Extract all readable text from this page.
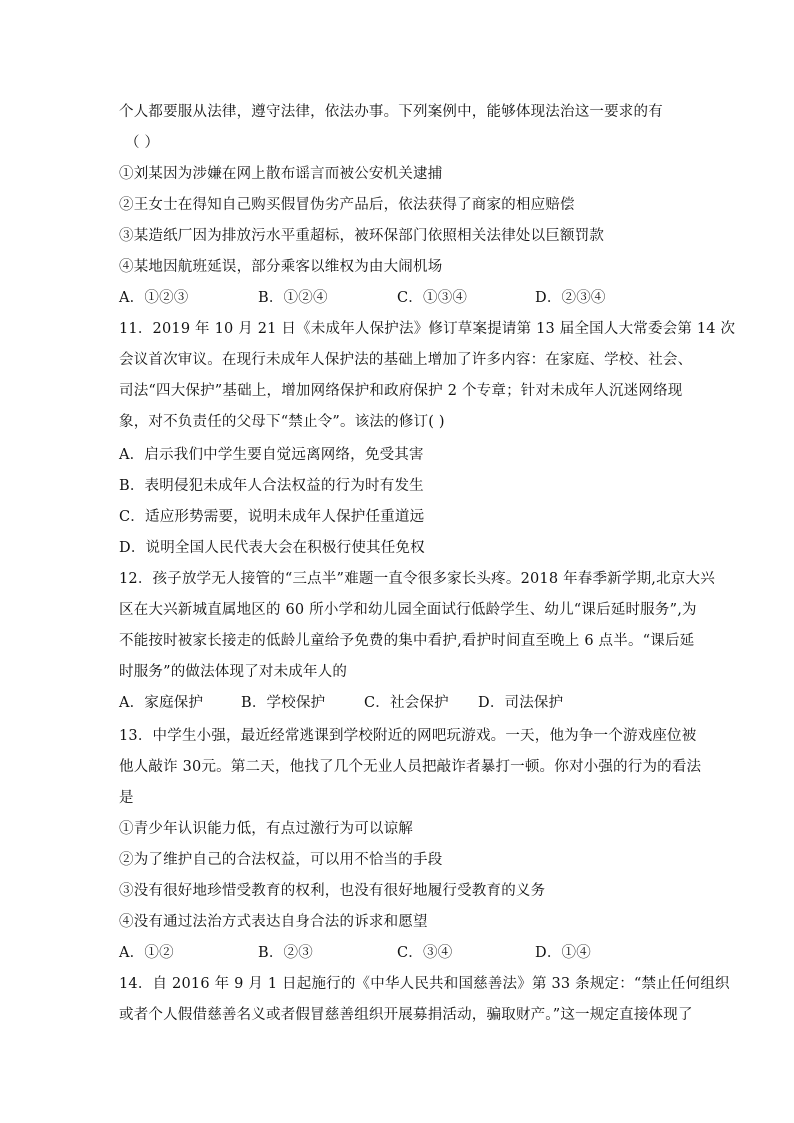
个人都要服从法律，遵守法律，依法办事。下列案例中，能够体现法治这一要求的有
（ ）
①刘某因为涉嫌在网上散布谣言而被公安机关逮捕
②王女士在得知自己购买假冒伪劣产品后，依法获得了商家的相应赔偿
③某造纸厂因为排放污水平重超标，被环保部门依照相关法律处以巨额罚款
④某地因航班延误，部分乘客以维权为由大闹机场
A．①②③	B．①②④	C．①③④	D．②③④
11．2019 年 10 月 21 日《未成年人保护法》修订草案提请第 13 届全国人大常委会第 14 次
会议首次审议。在现行未成年人保护法的基础上增加了许多内容：在家庭、学校、社会、
司法“四大保护”基础上，增加网络保护和政府保护 2 个专章；针对未成年人沉迷网络现
象，对不负责任的父母下“禁止令”。该法的修订( )
A．启示我们中学生要自觉远离网络，免受其害
B．表明侵犯未成年人合法权益的行为时有发生
C．适应形势需要，说明未成年人保护任重道远
D．说明全国人民代表大会在积极行使其任免权
12．孩子放学无人接管的“三点半”难题一直令很多家长头疼。2018 年春季新学期,北京大兴
区在大兴新城直属地区的 60 所小学和幼儿园全面试行低龄学生、幼儿“课后延时服务”,为
不能按时被家长接走的低龄儿童给予免费的集中看护,看护时间直至晚上 6 点半。“课后延
时服务”的做法体现了对未成年人的
A．家庭保护	B．学校保护	C．社会保护 D．司法保护
13．中学生小强，最近经常逃课到学校附近的网吧玩游戏。一天，他为争一个游戏座位被
他人敲诈 30元。第二天，他找了几个无业人员把敲诈者暴打一顿。你对小强的行为的看法
是
①青少年认识能力低，有点过激行为可以谅解
②为了维护自己的合法权益，可以用不恰当的手段
③没有很好地珍惜受教育的权利，也没有很好地履行受教育的义务
④没有通过法治方式表达自身合法的诉求和愿望
A．①②	B．②③	C．③④	D．①④
14．自 2016 年 9 月 1 日起施行的《中华人民共和国慈善法》第 33 条规定：“禁止任何组织
或者个人假借慈善名义或者假冒慈善组织开展募捐活动，骗取财产。”这一规定直接体现了
